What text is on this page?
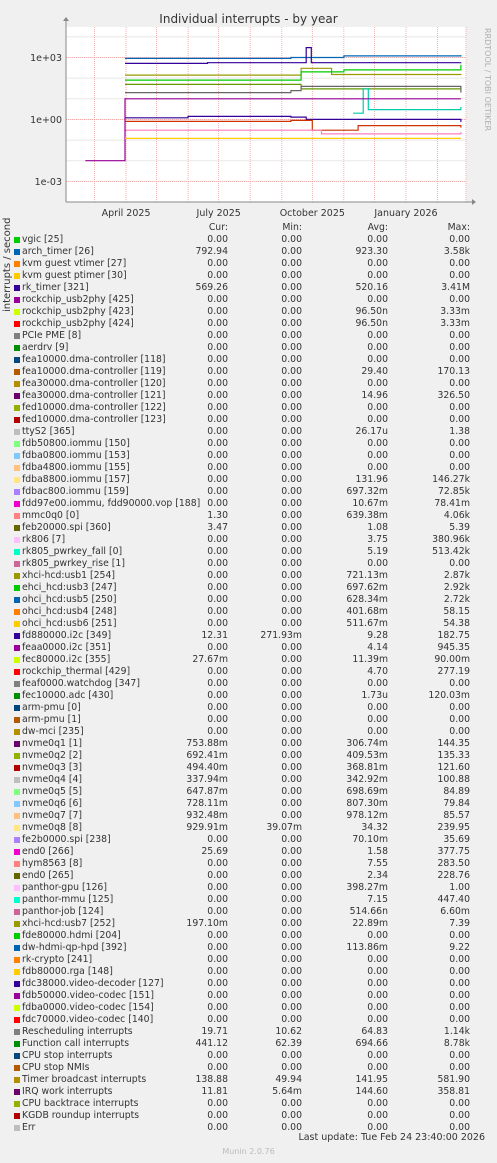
Individual interrupts - by year
RRDTOOL / TOBI OETIKER
interrupts / second
1e+03
1e+00
1e-03
April 2025	July 2025	October 2025	January 2026
Cur:	Min:	Avg:	Max:
vgic [25]	0.00	0.00	0.00	0.00
arch_timer [26]	792.94	0.00	923.30	3.58k
kvm guest vtimer [27]	0.00	0.00	0.00	0.00
kvm guest ptimer [30]	0.00	0.00	0.00	0.00
rk_timer [321]	569.26	0.00	520.16	3.41M
rockchip_usb2phy [425]	0.00	0.00	0.00	0.00
rockchip_usb2phy [423]	0.00	0.00	96.50n	3.33m
rockchip_usb2phy [424]	0.00	0.00	96.50n	3.33m
PCIe PME [8]	0.00	0.00	0.00	0.00
aerdrv [9]	0.00	0.00	0.00	0.00
fea10000.dma-controller [118]	0.00	0.00	0.00	0.00
fea10000.dma-controller [119]	0.00	0.00	29.40	170.13
fea30000.dma-controller [120]	0.00	0.00	0.00	0.00
fea30000.dma-controller [121]	0.00	0.00	14.96	326.50
fed10000.dma-controller [122]	0.00	0.00	0.00	0.00
fed10000.dma-controller [123]	0.00	0.00	0.00	0.00
ttyS2 [365]	0.00	0.00	26.17u	1.38
fdb50800.iommu [150]	0.00	0.00	0.00	0.00
fdba0800.iommu [153]	0.00	0.00	0.00	0.00
fdba4800.iommu [155]	0.00	0.00	0.00	0.00
fdba8800.iommu [157]	0.00	0.00	131.96	146.27k
fdbac800.iommu [159]	0.00	0.00	697.32m	72.85k
fdd97e00.iommu, fdd90000.vop [188] 0.00	0.00	10.67m	78.41m
mmc0q0 [0]	1.30	0.00	639.38m	4.06k
feb20000.spi [360]	3.47	0.00	1.08	5.39
rk806 [7]	0.00	0.00	3.75	380.96k
rk805_pwrkey_fall [0]	0.00	0.00	5.19	513.42k
rk805_pwrkey_rise [1]	0.00	0.00	0.00	0.00
xhci-hcd:usb1 [254]	0.00	0.00	721.13m	2.87k
ehci_hcd:usb3 [247]	0.00	0.00	697.62m	2.92k
ohci_hcd:usb5 [250]	0.00	0.00	628.34m	2.72k
ohci_hcd:usb4 [248]	0.00	0.00	401.68m	58.15
ohci_hcd:usb6 [251]	0.00	0.00	511.67m	54.38
fd880000.i2c [349]	12.31	271.93m	9.28	182.75
feaa0000.i2c [351]	0.00	0.00	4.14	945.35
fec80000.i2c [355]	27.67m	0.00	11.39m	90.00m
rockchip_thermal [429]	0.00	0.00	4.70	277.19
feaf0000.watchdog [347]	0.00	0.00	0.00	0.00
fec10000.adc [430]	0.00	0.00	1.73u	120.03m
arm-pmu [0]	0.00	0.00	0.00	0.00
arm-pmu [1]	0.00	0.00	0.00	0.00
dw-mci [235]	0.00	0.00	0.00	0.00
nvme0q1 [1]	753.88m	0.00	306.74m	144.35
nvme0q2 [2]	692.41m	0.00	409.53m	135.33
nvme0q3 [3]	494.40m	0.00	368.81m	121.60
nvme0q4 [4]	337.94m	0.00	342.92m	100.88
nvme0q5 [5]	647.87m	0.00	698.69m	84.89
nvme0q6 [6]	728.11m	0.00	807.30m	79.84
nvme0q7 [7]	932.48m	0.00	978.12m	85.57
nvme0q8 [8]	929.91m	39.07m	34.32	239.95
fe2b0000.spi [238]	0.00	0.00	70.10m	35.69
end0 [266]	25.69	0.00	1.58	377.75
hym8563 [8]	0.00	0.00	7.55	283.50
end0 [265]	0.00	0.00	2.34	228.76
panthor-gpu [126]	0.00	0.00	398.27m	1.00
panthor-mmu [125]	0.00	0.00	7.15	447.40
panthor-job [124]	0.00	0.00	514.66n	6.60m
xhci-hcd:usb7 [252]	197.10m	0.00	22.89m	7.39
fde80000.hdmi [204]	0.00	0.00	0.00	0.00
dw-hdmi-qp-hpd [392]	0.00	0.00	113.86m	9.22
rk-crypto [241]	0.00	0.00	0.00	0.00
fdb80000.rga [148]	0.00	0.00	0.00	0.00
fdc38000.video-decoder [127]	0.00	0.00	0.00	0.00
fdb50000.video-codec [151]	0.00	0.00	0.00	0.00
fdba0000.video-codec [154]	0.00	0.00	0.00	0.00
fdc70000.video-codec [140]	0.00	0.00	0.00	0.00
Rescheduling interrupts	19.71	10.62	64.83	1.14k
Function call interrupts	441.12	62.39	694.66	8.78k
CPU stop interrupts	0.00	0.00	0.00	0.00
CPU stop NMIs	0.00	0.00	0.00	0.00
Timer broadcast interrupts	138.88	49.94	141.95	581.90
IRQ work interrupts	11.81	5.64m	144.60	358.81
CPU backtrace interrupts	0.00	0.00	0.00	0.00
KGDB roundup interrupts	0.00	0.00	0.00	0.00
Err	0.00	0.00	0.00	0.00
Last update: Tue Feb 24 23:40:00 2026
Munin 2.0.76
